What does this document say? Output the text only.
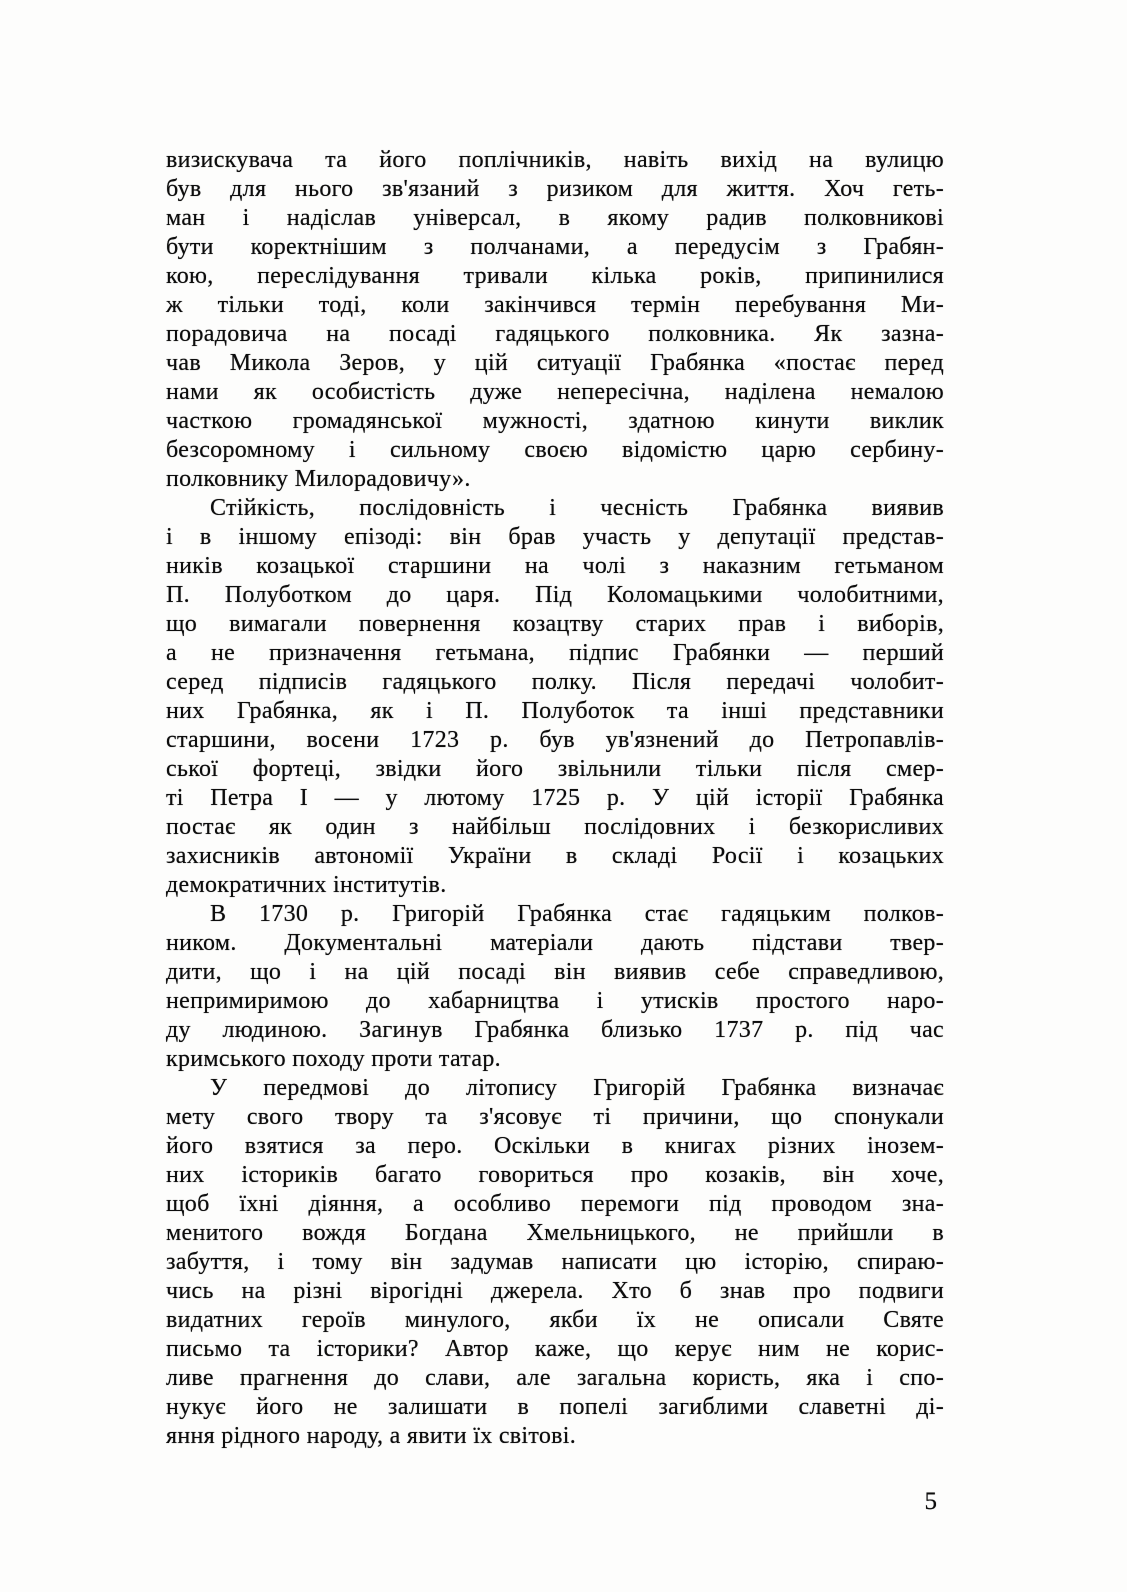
визискувача та його поплічників, навіть вихід на вулицю
був для нього зв'язаний з ризиком для життя. Хоч геть-
ман і надіслав універсал, в якому радив полковникові
бути коректнішим з полчанами, а передусім з Грабян-
кою, переслідування тривали кілька років, припинилися
ж тільки тоді, коли закінчився термін перебування Ми-
порадовича на посаді гадяцького полковника. Як зазна-
чав Микола Зеров, у цій ситуації Грабянка «постає перед
нами як особистість дуже непересічна, наділена немалою
часткою громадянської мужності, здатною кинути виклик
безсоромному і сильному своєю відомістю царю сербину-
полковнику Милорадовичу».
Стійкість, послідовність і чесність Грабянка виявив
і в іншому епізоді: він брав участь у депутації представ-
ників козацької старшини на чолі з наказним гетьманом
П. Полуботком до царя. Під Коломацькими чолобитними,
що вимагали повернення козацтву старих прав і виборів,
а не призначення гетьмана, підпис Грабянки — перший
серед підписів гадяцького полку. Після передачі чолобит-
них Грабянка, як і П. Полуботок та інші представники
старшини, восени 1723 р. був ув'язнений до Петропавлів-
ської фортеці, звідки його звільнили тільки після смер-
ті Петра І — у лютому 1725 р. У цій історії Грабянка
постає як один з найбільш послідовних і безкорисливих
захисників автономії України в складі Росії і козацьких
демократичних інститутів.
В 1730 р. Григорій Грабянка стає гадяцьким полков-
ником. Документальні матеріали дають підстави твер-
дити, що і на цій посаді він виявив себе справедливою,
непримиримою до хабарництва і утисків простого наро-
ду людиною. Загинув Грабянка близько 1737 р. під час
кримського походу проти татар.
У передмові до літопису Григорій Грабянка визначає
мету свого твору та з'ясовує ті причини, що спонукали
його взятися за перо. Оскільки в книгах різних інозем-
них істориків багато говориться про козаків, він хоче,
щоб їхні діяння, а особливо перемоги під проводом зна-
менитого вождя Богдана Хмельницького, не прийшли в
забуття, і тому він задумав написати цю історію, спираю-
чись на різні вірогідні джерела. Хто б знав про подвиги
видатних героїв минулого, якби їх не описали Святе
письмо та історики? Автор каже, що керує ним не корис-
ливе прагнення до слави, але загальна користь, яка і спо-
нукує його не залишати в попелі загиблими славетні ді-
яння рідного народу, а явити їх світові.
5
